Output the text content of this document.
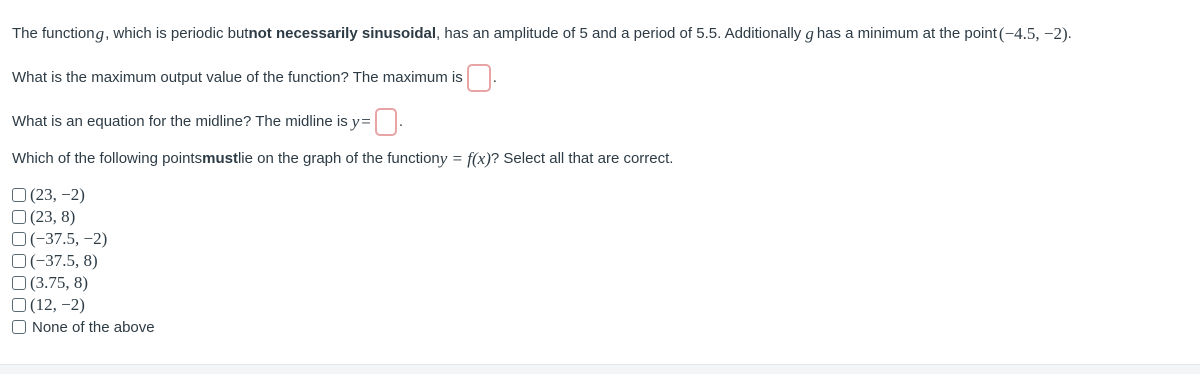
The function g , which is periodic but not necessarily sinusoidal , has an amplitude of 5 and a period of 5.5. Additionally g has a minimum at the point (−4.5, −2) .
What is the maximum output value of the function? The maximum is .
What is an equation for the midline? The midline is y = .
Which of the following points must lie on the graph of the function y = f(x) ? Select all that are correct.
(23, −2)
(23, 8)
(−37.5, −2)
(−37.5, 8)
(3.75, 8)
(12, −2)
None of the above
